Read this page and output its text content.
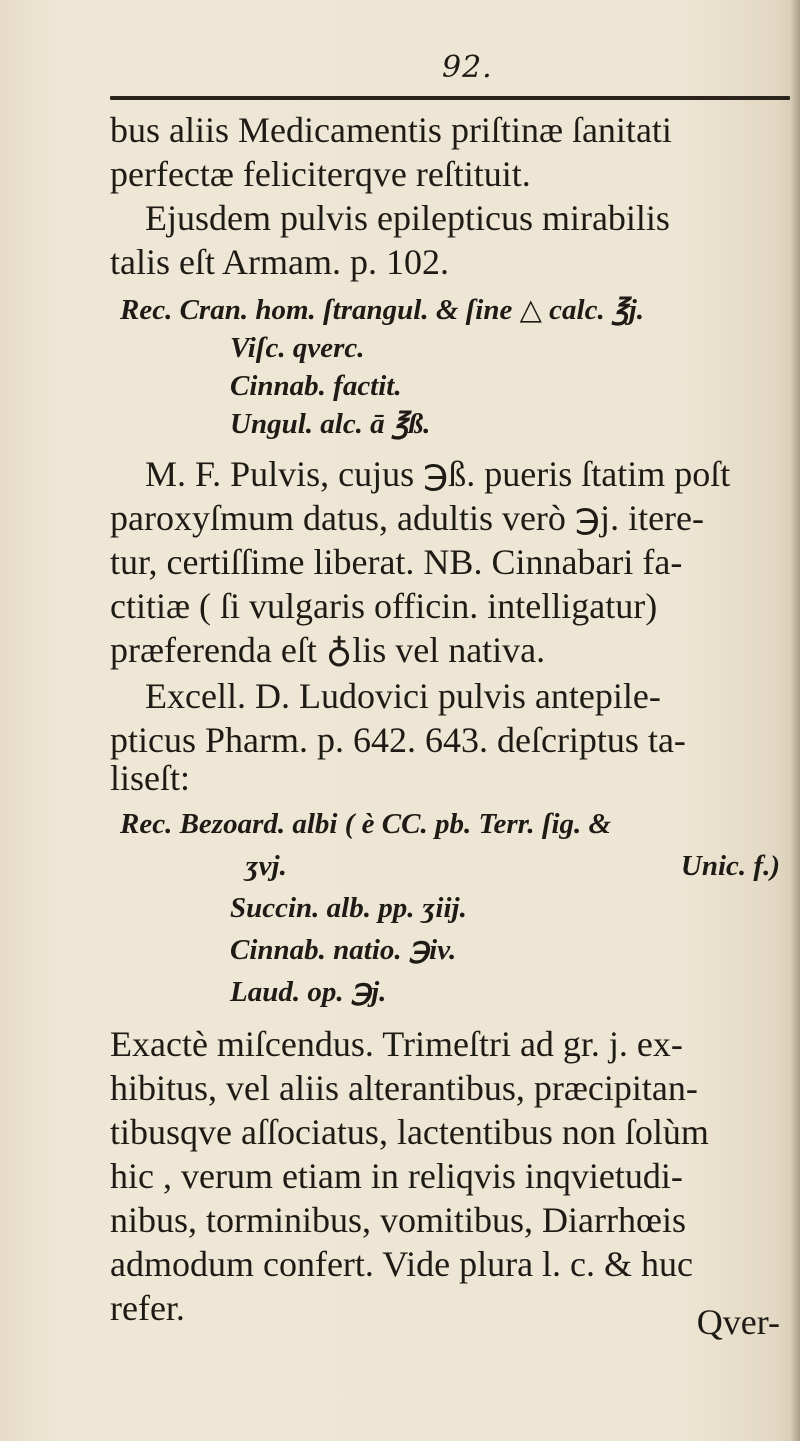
92.
bus aliis Medicamentis priſtinæ ſanitati
perfectæ feliciterqve reſtituit.
Ejusdem pulvis epilepticus mirabilis
talis eſt Armam. p. 102.
Rec. Cran. hom. ſtrangul. & ſine △ calc. ℥j.
Viſc. qverc.
Cinnab. factit.
Ungul. alc. ā ℥ß.
M. F. Pulvis, cujus ℈ß. pueris ſtatim poſt
paroxyſmum datus, adultis verò ℈j. itere-
tur, certiſſime liberat. NB. Cinnabari fa-
ctitiæ ( ſi vulgaris officin. intelligatur)
præferenda eſt ♁lis vel nativa.
Excell. D. Ludovici pulvis antepile-
pticus Pharm. p. 642. 643. deſcriptus ta-
liseſt:
Rec. Bezoard. albi ( è CC. pb. Terr. ſig. &
ʒvj.	Unic. f.)
Succin. alb. pp. ʒiij.
Cinnab. natio. ℈iv.
Laud. op. ℈j.
Exactè miſcendus. Trimeſtri ad gr. j. ex-
hibitus, vel aliis alterantibus, præcipitan-
tibusqve aſſociatus, lactentibus non ſolùm
hic , verum etiam in reliqvis inqvietudi-
nibus, torminibus, vomitibus, Diarrhœis
admodum confert. Vide plura l. c. & huc
refer.	Qver-
